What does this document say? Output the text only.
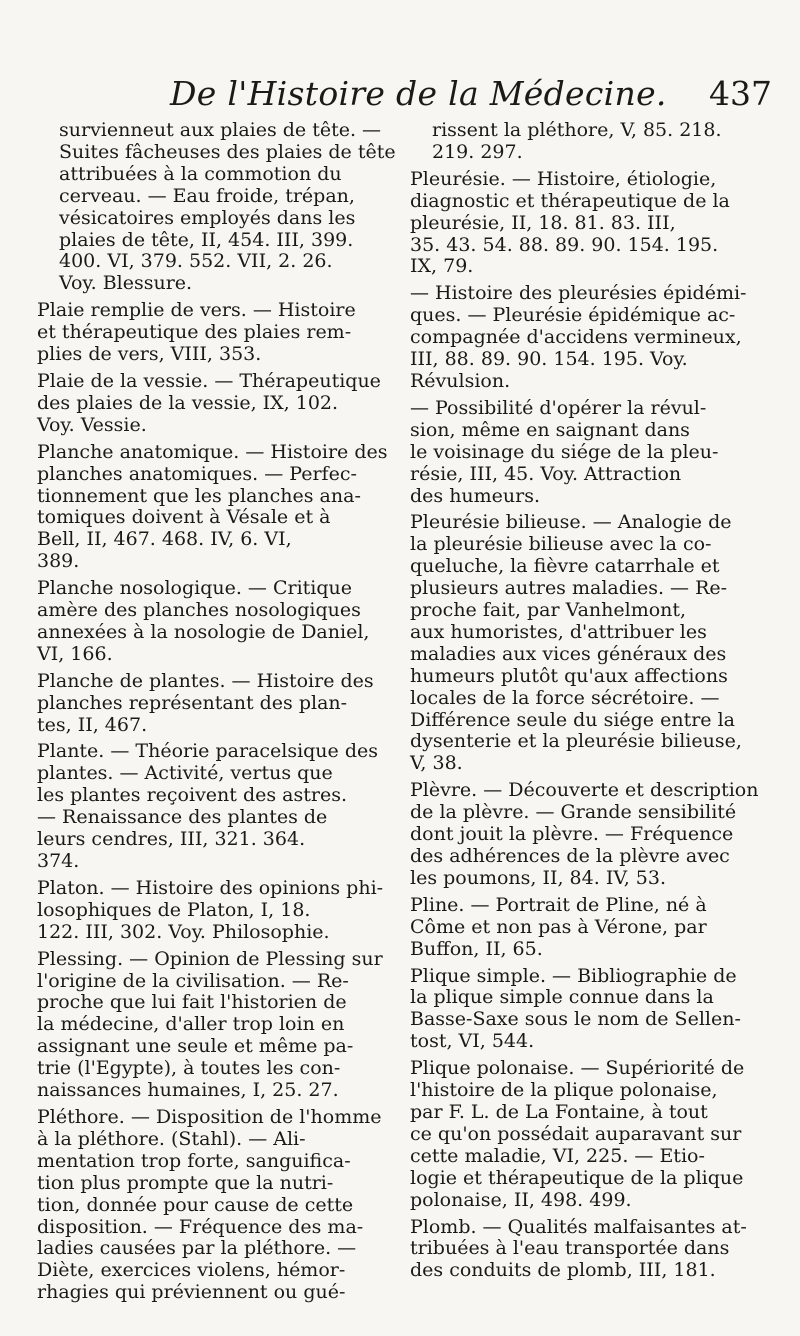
De l'Histoire de la Médecine. 437
survienneut aux plaies de tête. —
Suites fâcheuses des plaies de tête
attribuées à la commotion du
cerveau. — Eau froide, trépan,
vésicatoires employés dans les
plaies de tête, II, 454. III, 399.
400. VI, 379. 552. VII, 2. 26.
Voy. Blessure.
Plaie remplie de vers. — Histoire
et thérapeutique des plaies rem-
plies de vers, VIII, 353.
Plaie de la vessie. — Thérapeutique
des plaies de la vessie, IX, 102.
Voy. Vessie.
Planche anatomique. — Histoire des
planches anatomiques. — Perfec-
tionnement que les planches ana-
tomiques doivent à Vésale et à
Bell, II, 467. 468. IV, 6. VI,
389.
Planche nosologique. — Critique
amère des planches nosologiques
annexées à la nosologie de Daniel,
VI, 166.
Planche de plantes. — Histoire des
planches représentant des plan-
tes, II, 467.
Plante. — Théorie paracelsique des
plantes. — Activité, vertus que
les plantes reçoivent des astres.
— Renaissance des plantes de
leurs cendres, III, 321. 364.
374.
Platon. — Histoire des opinions phi-
losophiques de Platon, I, 18.
122. III, 302. Voy. Philosophie.
Plessing. — Opinion de Plessing sur
l'origine de la civilisation. — Re-
proche que lui fait l'historien de
la médecine, d'aller trop loin en
assignant une seule et même pa-
trie (l'Egypte), à toutes les con-
naissances humaines, I, 25. 27.
Pléthore. — Disposition de l'homme
à la pléthore. (Stahl). — Ali-
mentation trop forte, sanguifica-
tion plus prompte que la nutri-
tion, donnée pour cause de cette
disposition. — Fréquence des ma-
ladies causées par la pléthore. —
Diète, exercices violens, hémor-
rhagies qui préviennent ou gué-
rissent la pléthore, V, 85. 218.
219. 297.
Pleurésie. — Histoire, étiologie,
diagnostic et thérapeutique de la
pleurésie, II, 18. 81. 83. III,
35. 43. 54. 88. 89. 90. 154. 195.
IX, 79.
— Histoire des pleurésies épidémi-
ques. — Pleurésie épidémique ac-
compagnée d'accidens vermineux,
III, 88. 89. 90. 154. 195. Voy.
Révulsion.
— Possibilité d'opérer la révul-
sion, même en saignant dans
le voisinage du siége de la pleu-
résie, III, 45. Voy. Attraction
des humeurs.
Pleurésie bilieuse. — Analogie de
la pleurésie bilieuse avec la co-
queluche, la fièvre catarrhale et
plusieurs autres maladies. — Re-
proche fait, par Vanhelmont,
aux humoristes, d'attribuer les
maladies aux vices généraux des
humeurs plutôt qu'aux affections
locales de la force sécrétoire. —
Différence seule du siége entre la
dysenterie et la pleurésie bilieuse,
V, 38.
Plèvre. — Découverte et description
de la plèvre. — Grande sensibilité
dont jouit la plèvre. — Fréquence
des adhérences de la plèvre avec
les poumons, II, 84. IV, 53.
Pline. — Portrait de Pline, né à
Côme et non pas à Vérone, par
Buffon, II, 65.
Plique simple. — Bibliographie de
la plique simple connue dans la
Basse-Saxe sous le nom de Sellen-
tost, VI, 544.
Plique polonaise. — Supériorité de
l'histoire de la plique polonaise,
par F. L. de La Fontaine, à tout
ce qu'on possédait auparavant sur
cette maladie, VI, 225. — Etio-
logie et thérapeutique de la plique
polonaise, II, 498. 499.
Plomb. — Qualités malfaisantes at-
tribuées à l'eau transportée dans
des conduits de plomb, III, 181.
